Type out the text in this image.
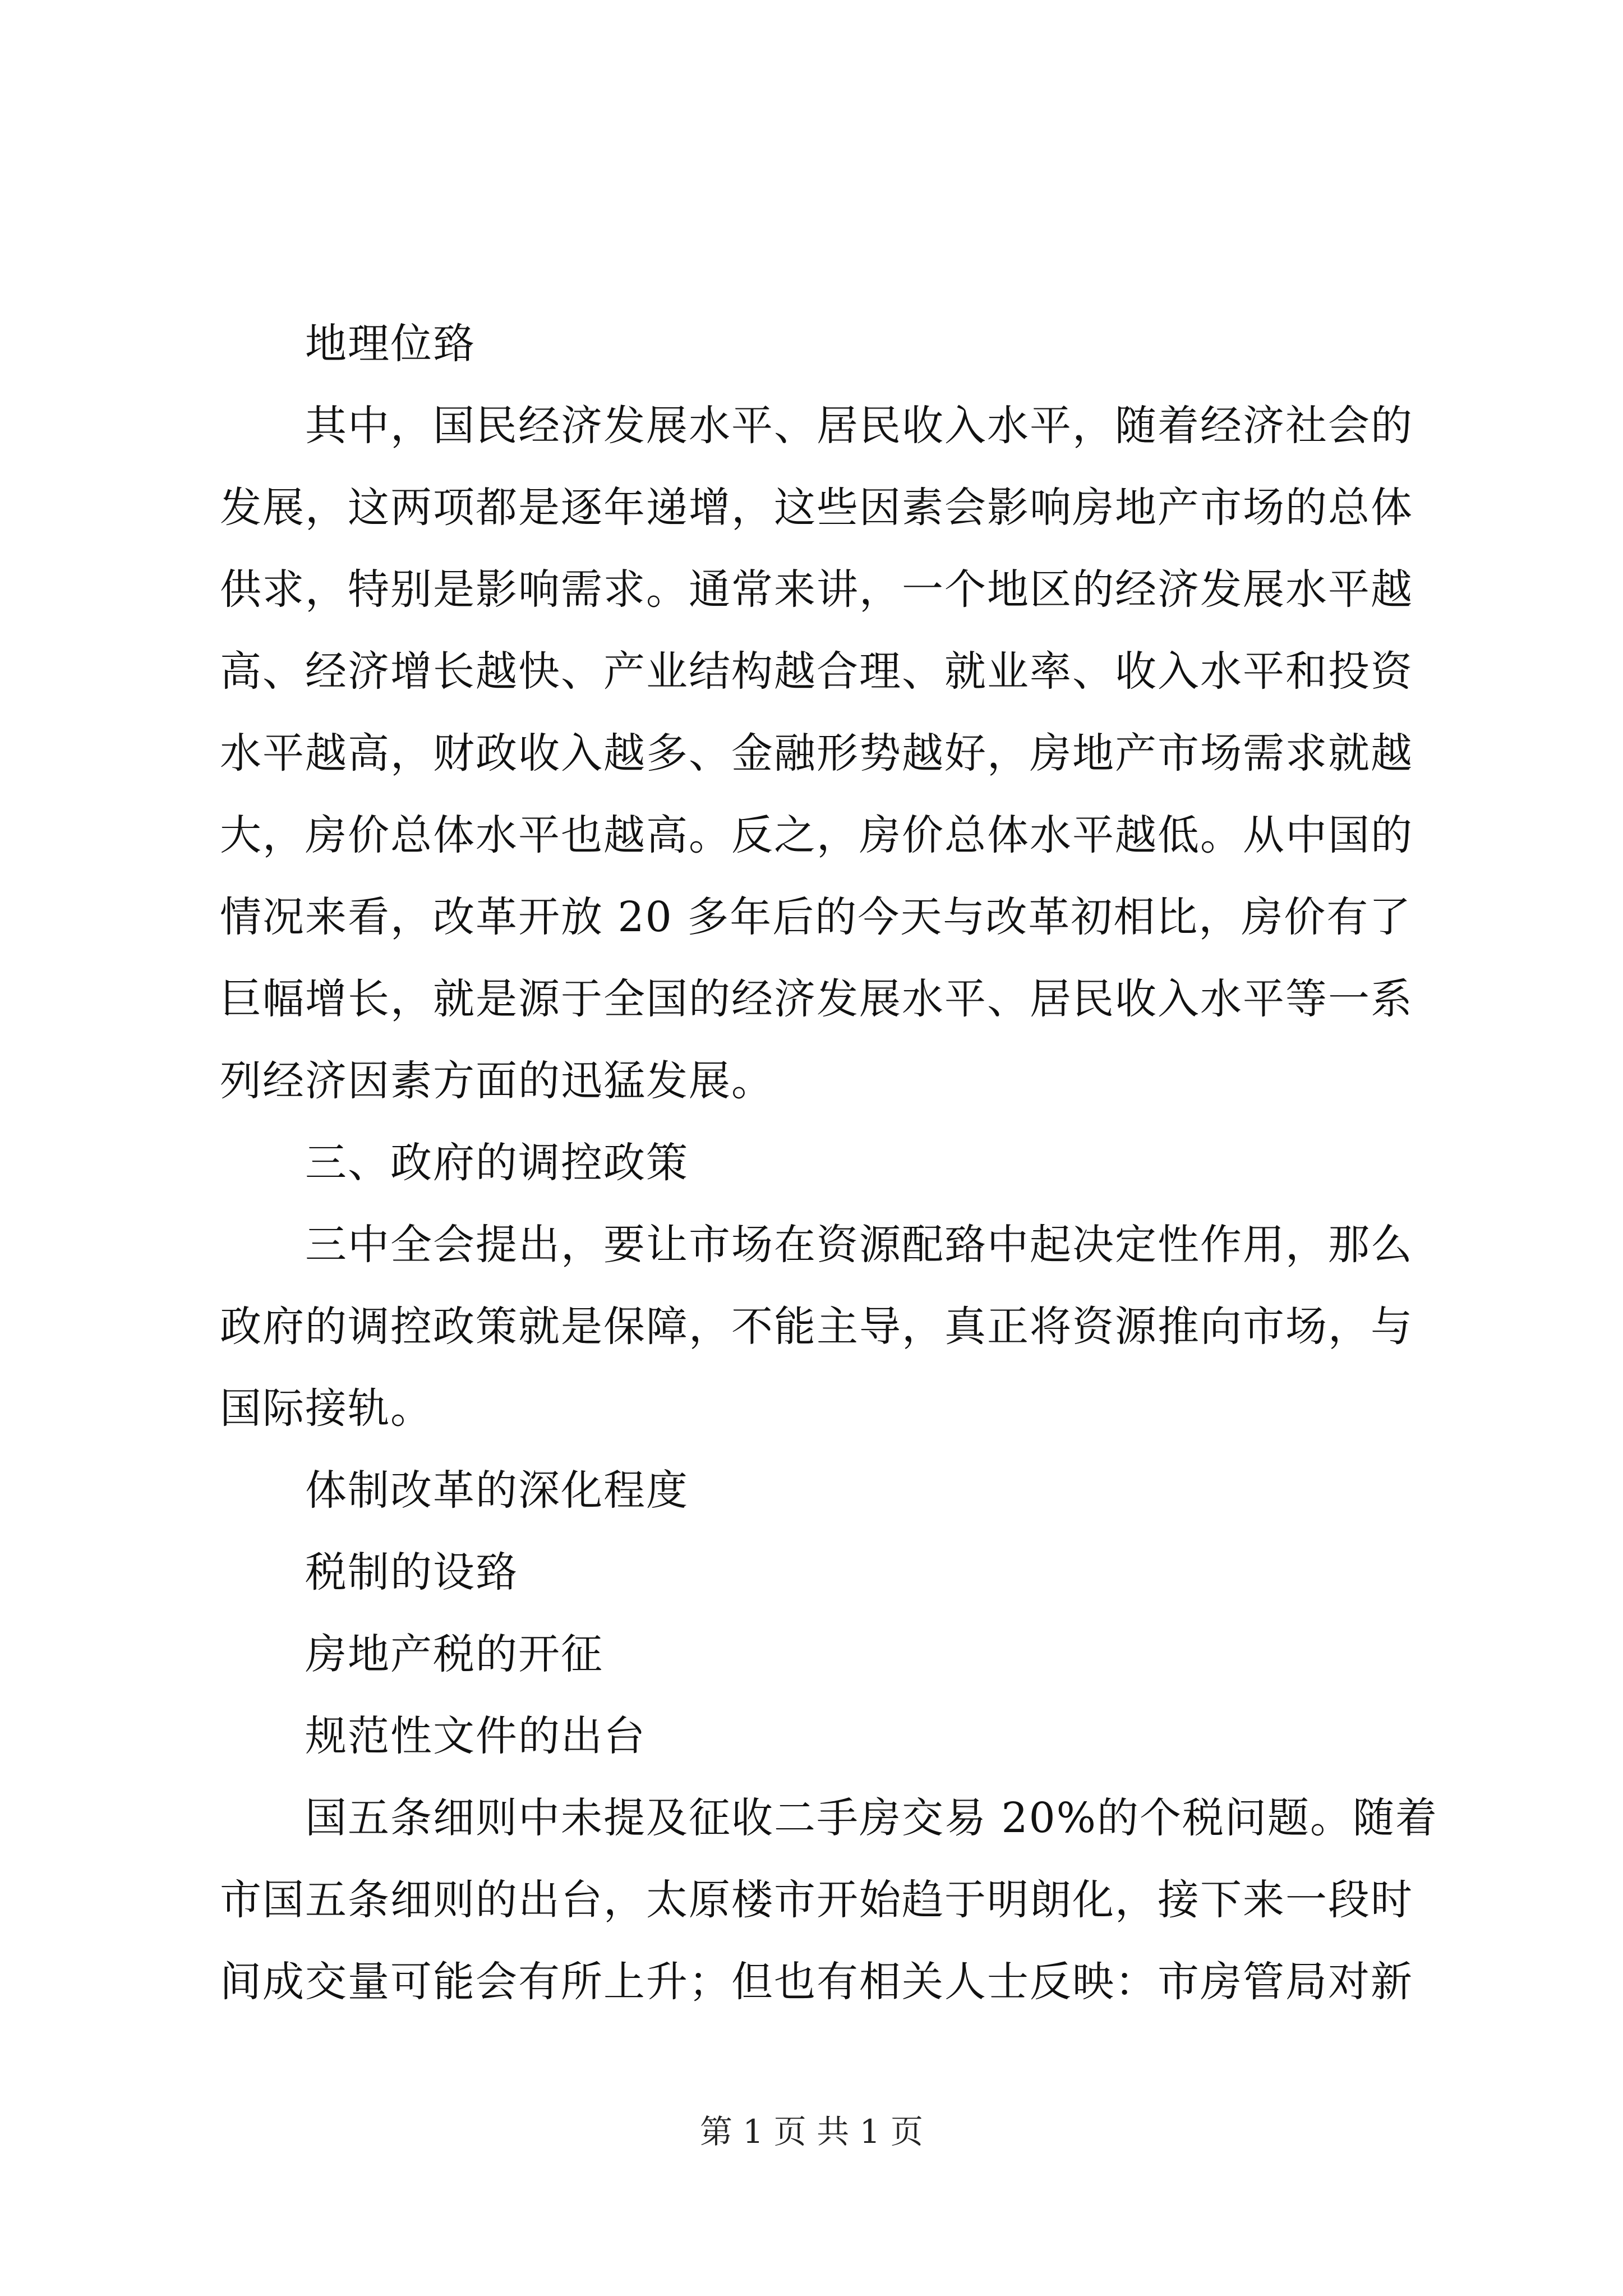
地理位臵
其中，国民经济发展水平、居民收入水平，随着经济社会的
发展，这两项都是逐年递增，这些因素会影响房地产市场的总体
供求，特别是影响需求。通常来讲，一个地区的经济发展水平越
高、经济增长越快、产业结构越合理、就业率、收入水平和投资
水平越高，财政收入越多、金融形势越好，房地产市场需求就越
大，房价总体水平也越高。反之，房价总体水平越低。从中国的
情况来看，改革开放 20 多年后的今天与改革初相比，房价有了
巨幅增长，就是源于全国的经济发展水平、居民收入水平等一系
列经济因素方面的迅猛发展。
三、政府的调控政策
三中全会提出，要让市场在资源配臵中起决定性作用，那么
政府的调控政策就是保障，不能主导，真正将资源推向市场，与
国际接轨。
体制改革的深化程度
税制的设臵
房地产税的开征
规范性文件的出台
国五条细则中未提及征收二手房交易 20%的个税问题。随着
市国五条细则的出台，太原楼市开始趋于明朗化，接下来一段时
间成交量可能会有所上升；但也有相关人士反映：市房管局对新
第 1 页 共 1 页
